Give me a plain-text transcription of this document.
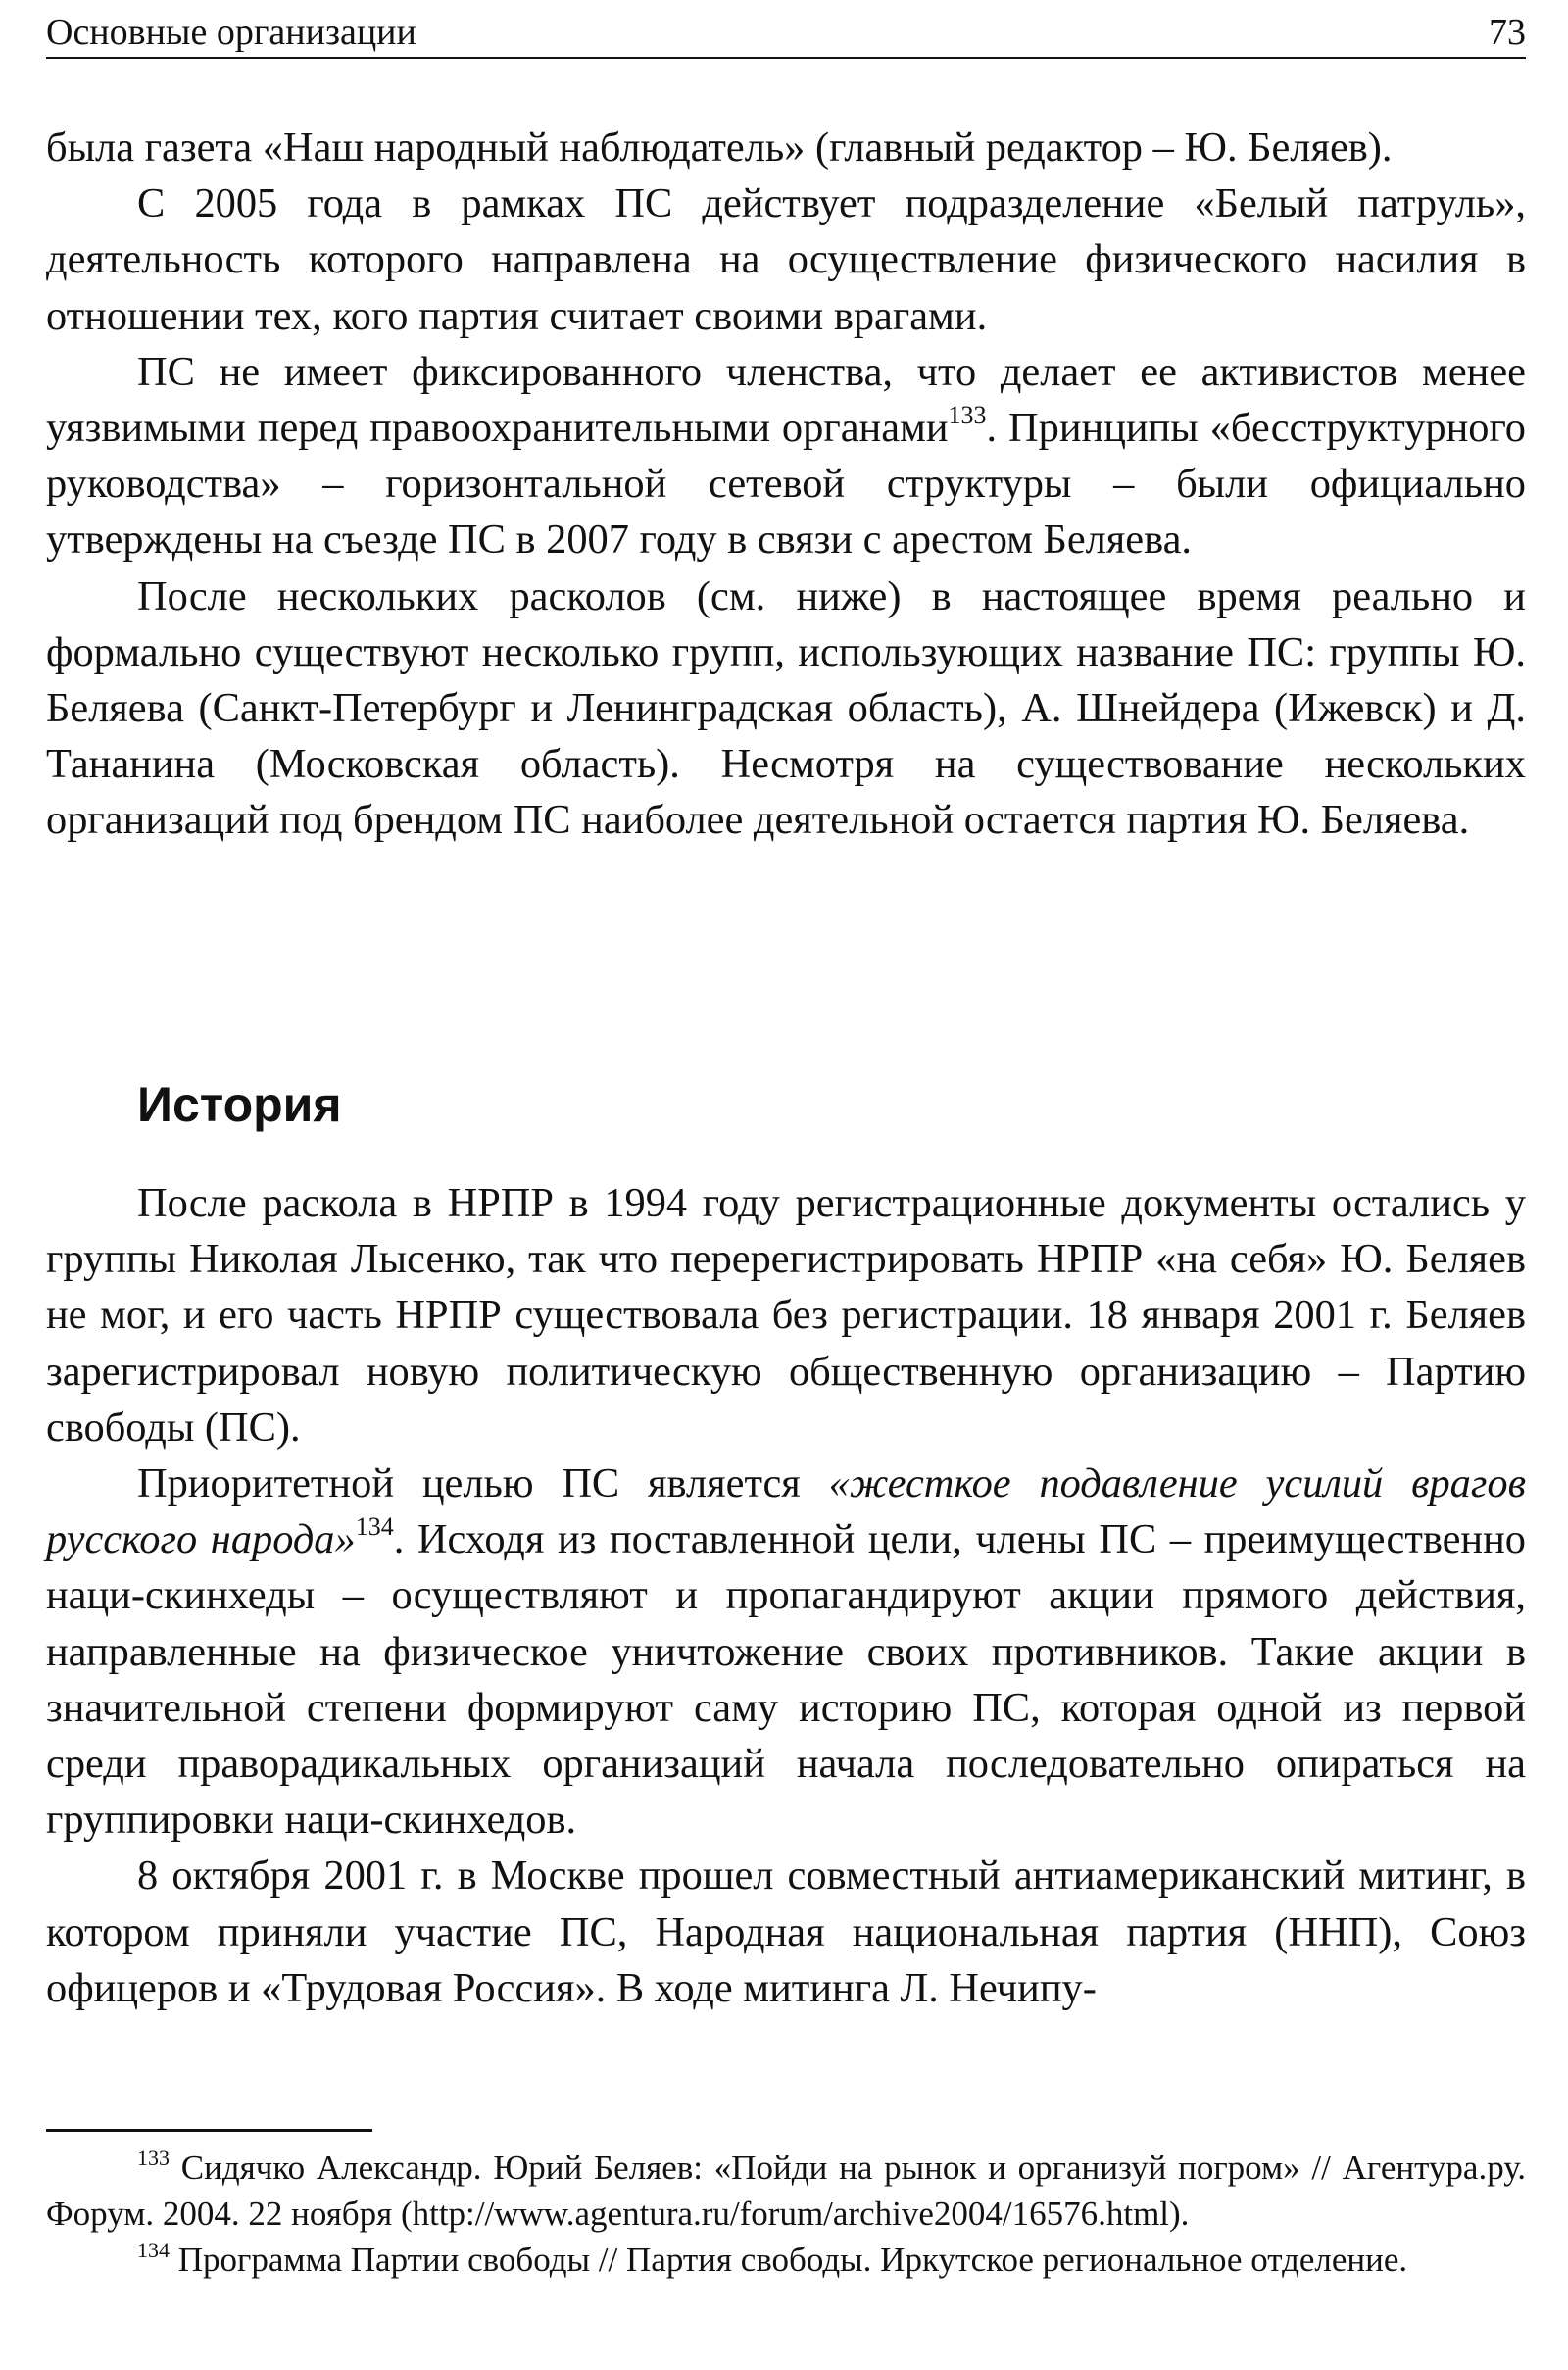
Основные организации	73

была газета «Наш народный наблюдатель» (главный редактор – Ю. Беляев).

С 2005 года в рамках ПС действует подразделение «Белый патруль», деятельность которого направлена на осуществление физического насилия в отношении тех, кого партия считает своими врагами.

ПС не имеет фиксированного членства, что делает ее активистов менее уязвимыми перед правоохранительными органами$^{133}$. Принципы «бесструктурного руководства» – горизонтальной сетевой структуры – были официально утверждены на съезде ПС в 2007 году в связи с арестом Беляева.

После нескольких расколов (см. ниже) в настоящее время реально и формально существуют несколько групп, использующих название ПС: группы Ю. Беляева (Санкт-Петербург и Ленинградская область), А. Шнейдера (Ижевск) и Д. Тананина (Московская область). Несмотря на существование нескольких организаций под брендом ПС наиболее деятельной остается партия Ю. Беляева.

История

После раскола в НРПР в 1994 году регистрационные документы остались у группы Николая Лысенко, так что перерегистрировать НРПР «на себя» Ю. Беляев не мог, и его часть НРПР существовала без регистрации. 18 января 2001 г. Беляев зарегистрировал новую политическую общественную организацию – Партию свободы (ПС).

Приоритетной целью ПС является «жесткое подавление усилий врагов русского народа»$^{134}$. Исходя из поставленной цели, члены ПС – преимущественно наци-скинхеды – осуществляют и пропагандируют акции прямого действия, направленные на физическое уничтожение своих противников. Такие акции в значительной степени формируют саму историю ПС, которая одной из первой среди праворадикальных организаций начала последовательно опираться на группировки наци-скинхедов.

8 октября 2001 г. в Москве прошел совместный антиамериканский митинг, в котором приняли участие ПС, Народная национальная партия (ННП), Союз офицеров и «Трудовая Россия». В ходе митинга Л. Нечипу-

$^{133}$ Сидячко Александр. Юрий Беляев: «Пойди на рынок и организуй погром» // Агентура.ру. Форум. 2004. 22 ноября (http://www.agentura.ru/forum/archive2004/16576.html).

$^{134}$ Программа Партии свободы // Партия свободы. Иркутское региональное отделение.
